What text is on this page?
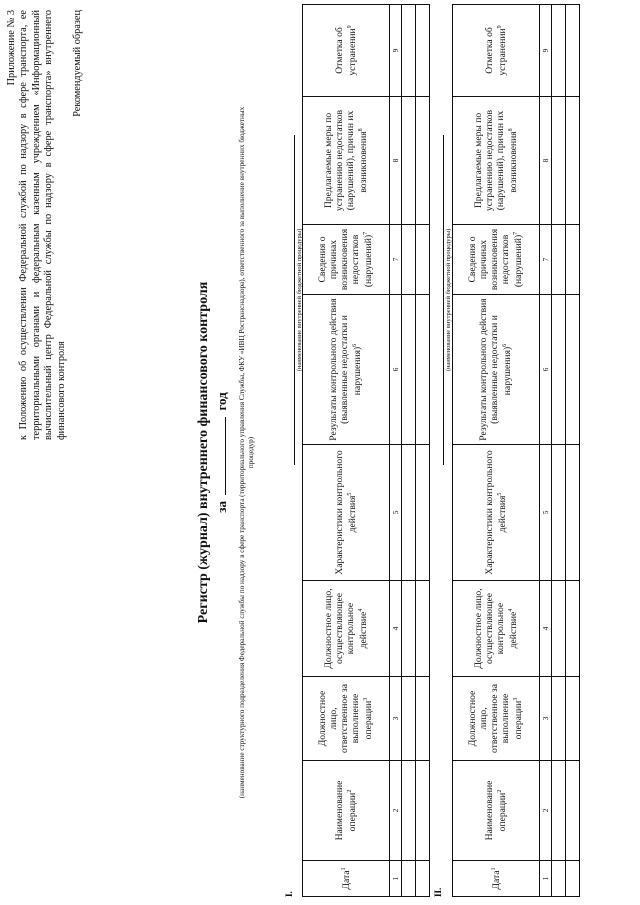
Приложение № 3 к Положению об осуществлении Федеральной службой по надзору в сфере транспорта, ее территориальными органами и федеральным казенным учреждением «Информационный вычислительный центр Федеральной службы по надзору в сфере транспорта» внутреннего финансового контроля
Рекомендуемый образец
Регистр (журнал) внутреннего финансового контроля за  год (наименование структурного подразделения Федеральной службы по надзору в сфере транспорта (территориального управления Службы, ФКУ «ИВЦ Ространснадзора), ответственного за выполнение внутренних бюджетных процедур)
I.
(наименование внутренней бюджетной процедуры)
Дата$^1$	Наименование операции$^2$	Должностное лицо, ответственное за выполнение операции$^3$	Должностное лицо, осуществляющее контрольное действие$^4$	Характеристики контрольного действия$^5$	Результаты контрольного действия (выявленные недостатки и нарушения)$^6$	Сведения о причинах возникновения недостатков (нарушений)$^7$	Предлагаемые меры по устранению недостатков (нарушений), причин их возникновения$^8$	Отметка об устранении$^9$
1	2	3	4	5	6	7	8	9

II.
(наименование внутренней бюджетной процедуры)
Дата$^1$	Наименование операции$^2$	Должностное лицо, ответственное за выполнение операции$^3$	Должностное лицо, осуществляющее контрольное действие$^4$	Характеристики контрольного действия$^5$	Результаты контрольного действия (выявленные недостатки и нарушения)$^6$	Сведения о причинах возникновения недостатков (нарушений)$^7$	Предлагаемые меры по устранению недостатков (нарушений), причин их возникновения$^8$	Отметка об устранении$^9$
1	2	3	4	5	6	7	8	9
